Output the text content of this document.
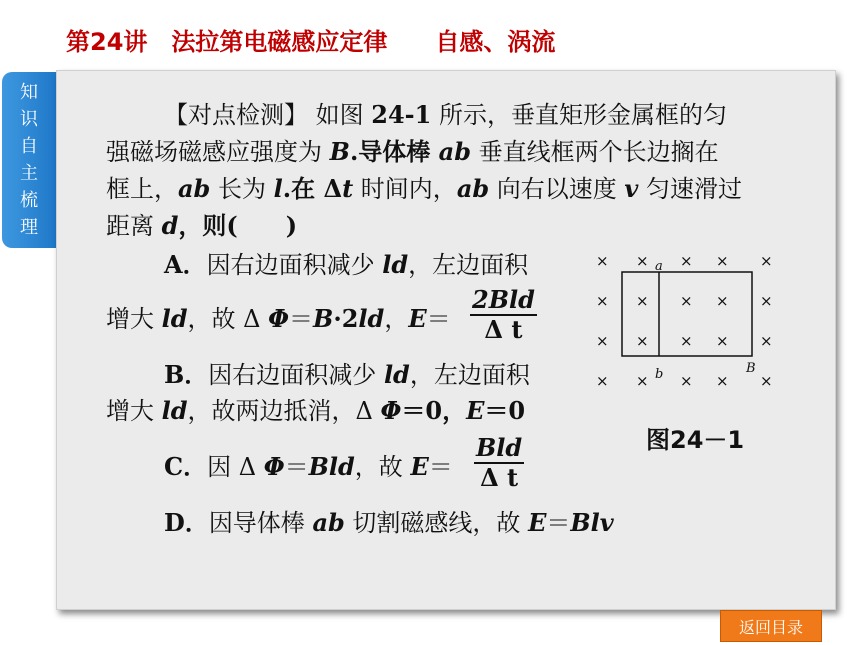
第24讲　法拉第电磁感应定律　　自感、涡流
知
识
自
主
梳
理
【对点检测】 如图 24-1 所示，垂直矩形金属框的匀
强磁场磁感应强度为 B.导体棒 ab 垂直线框两个长边搁在
框上，ab 长为 l.在 Δt 时间内，ab 向右以速度 v 匀速滑过
距离 d，则(　　)
A．因右边面积减少 ld，左边面积
增大 ld，故 Δ Φ＝B·2ld，E＝
2Bld
Δ t
B．因右边面积减少 ld，左边面积
增大 ld，故两边抵消，Δ Φ＝0，E＝0
C．因 Δ Φ＝Bld，故 E＝
Bld
Δ t
D．因导体棒 ab 切割磁感线，故 E＝Blv
× × × × ×
× × × × ×
× × × × ×
× × × × ×
a
b	B
图24－1
返回目录
